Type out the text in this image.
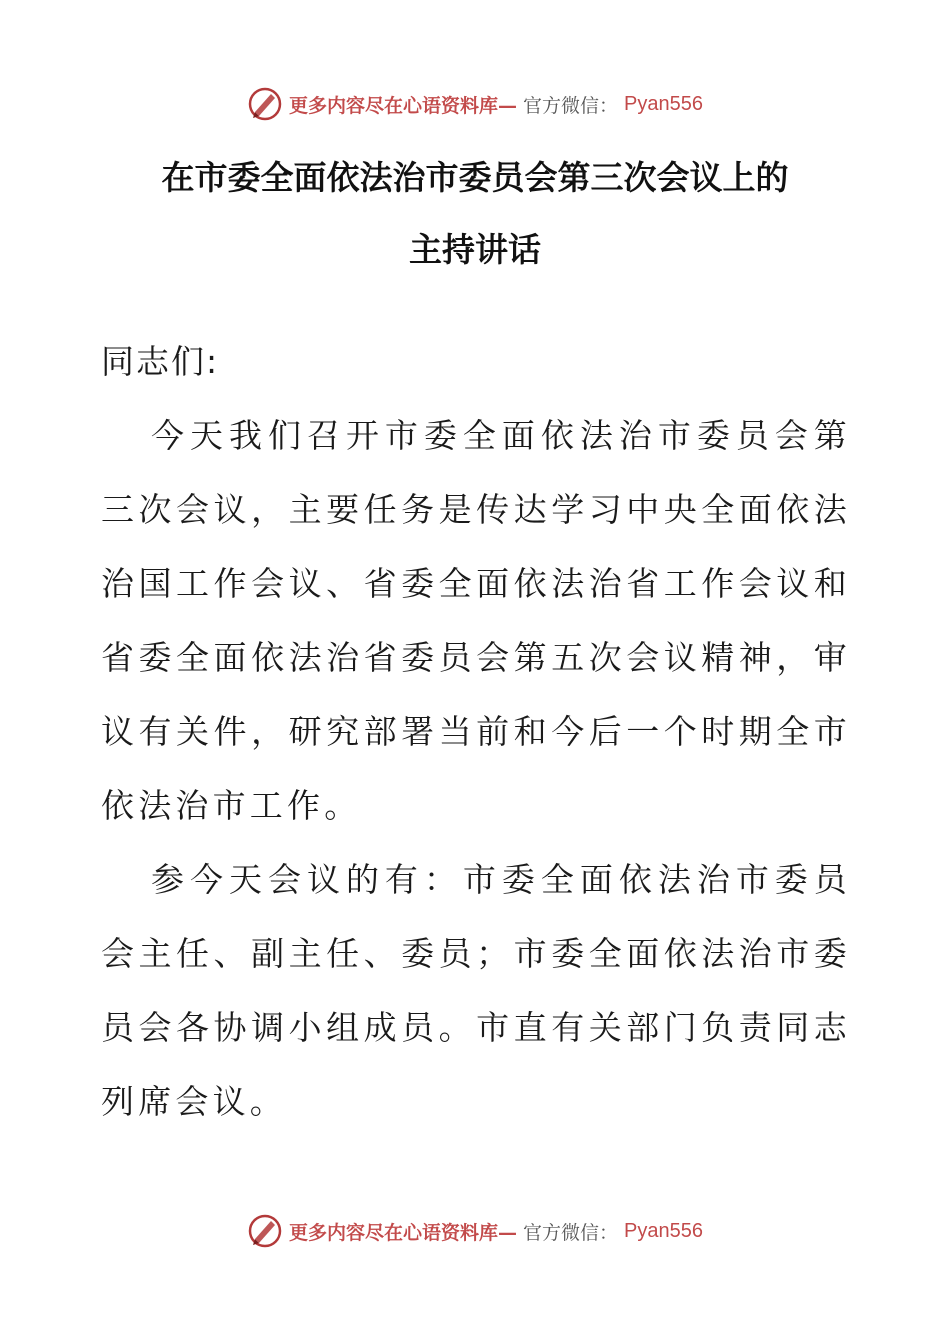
更多内容尽在心语资料库— 官方微信： Pyan556
在市委全面依法治市委员会第三次会议上的
主持讲话

同志们:

今天我们召开市委全面依法治市委员会第三次会议，主要任务是传达学习中央全面依法治国工作会议、省委全面依法治省工作会议和省委全面依法治省委员会第五次会议精神，审议有关件，研究部署当前和今后一个时期全市依法治市工作。

参今天会议的有：市委全面依法治市委员会主任、副主任、委员；市委全面依法治市委员会各协调小组成员。市直有关部门负责同志列席会议。

更多内容尽在心语资料库— 官方微信： Pyan556
